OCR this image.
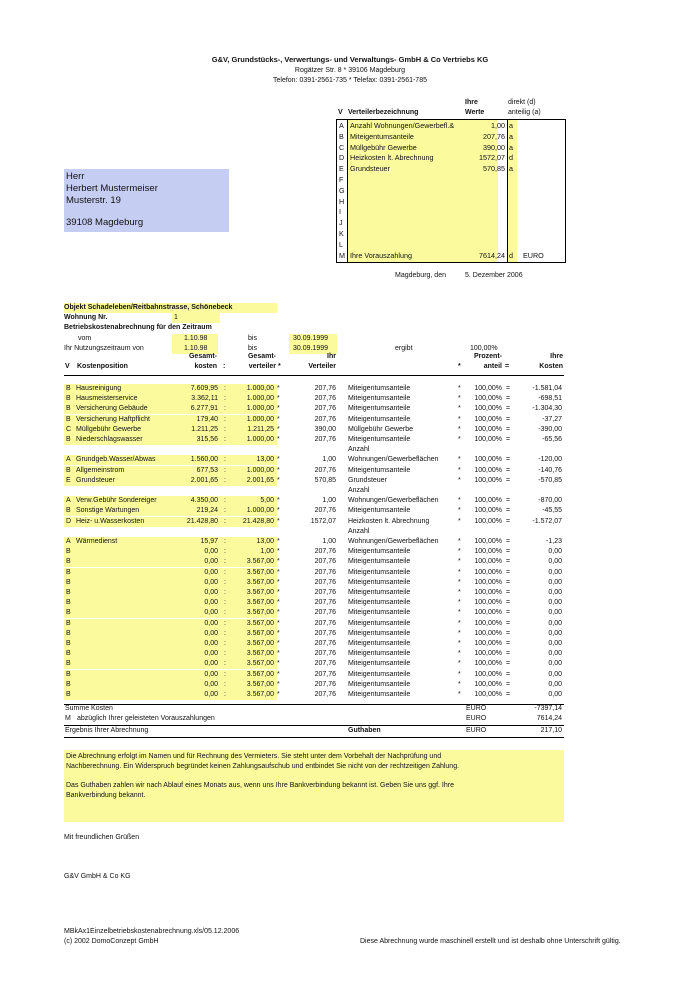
G&V, Grundstücks-, Verwertungs- und Verwaltungs- GmbH & Co Vertriebs KG
Rogätzer Str. 8 * 39106 Magdeburg
Telefon: 0391-2561-735 * Telefax: 0391-2561-785
V Verteilerbezeichnung
Ihre
Werte
direkt (d)
anteilig (a)
A Anzahl Wohnungen/Gewerbefl.&	1,00 a
B Miteigentumsanteile	207,76 a
C Müllgebühr Gewerbe	390,00 a
D Heizkosten lt. Abrechnung	1572,07 d
E Grundsteuer	570,85 a
F
G
H
I
J
K
L
M Ihre Vorauszahlung	7614,24 d EURO
Herr
Herbert Mustermeiser
Musterstr. 19
39108 Magdeburg
Magdeburg, den	5. Dezember 2006
Objekt Schadeleben/Reitbahnstrasse, Schönebeck
Wohnung Nr.	1
Betriebskostenabrechnung für den Zeitraum
vom	1.10.98	bis	30.09.1999
Ihr Nutzungszeitraum von	1.10.98	bis	30.09.1999	ergibt	100,00%
Gesamt-
kosten :
Gesamt-
verteiler *
Ihr
Verteiler	*
Prozent-
anteil =
Ihre
Kosten
V Kostenposition
B Hausreinigung	7.609,95 :	1.000,00 *	207,76 Miteigentumsanteile	*	100,00% =	-1.581,04
B Hausmeisterservice	3.362,11 :	1.000,00 *	207,76 Miteigentumsanteile	*	100,00% =	-698,51
B Versicherung Gebäude	6.277,91 :	1.000,00 *	207,76 Miteigentumsanteile	*	100,00% =	-1.304,30
B Versicherung Haftpflicht	179,40 :	1.000,00 *	207,76 Miteigentumsanteile	*	100,00% =	-37,27
C Müllgebühr Gewerbe	1.211,25 :	1.211,25 *	390,00 Müllgebühr Gewerbe	*	100,00% =	-390,00
B Niederschlagswasser	315,56 :	1.000,00 *	207,76 Miteigentumsanteile	*	100,00% =	-65,56
Anzahl
A Grundgeb.Wasser/Abwas	1.560,00 :	13,00 *	1,00 Wohnungen/Gewerbeflächen	*	100,00% =	-120,00
B Allgemeinstrom	677,53 :	1.000,00 *	207,76 Miteigentumsanteile	*	100,00% =	-140,76
E Grundsteuer	2.001,65 :	2.001,65 *	570,85 Grundsteuer	*	100,00% =	-570,85
Anzahl
A Verw.Gebühr Sondereiger	4.350,00 :	5,00 *	1,00 Wohnungen/Gewerbeflächen	*	100,00% =	-870,00
B Sonstige Wartungen	219,24 :	1.000,00 *	207,76 Miteigentumsanteile	*	100,00% =	-45,55
D Heiz- u.Wasserkosten	21.428,80 :	21.428,80 *	1572,07 Heizkosten lt. Abrechnung	*	100,00% =	-1.572,07
Anzahl
A Wärmedienst	15,97 :	13,00 *	1,00 Wohnungen/Gewerbeflächen	*	100,00% =	-1,23
B	0,00 :	1,00 *	207,76 Miteigentumsanteile	*	100,00% =	0,00
B	0,00 :	3.567,00 *	207,76 Miteigentumsanteile	*	100,00% =	0,00
B	0,00 :	3.567,00 *	207,76 Miteigentumsanteile	*	100,00% =	0,00
B	0,00 :	3.567,00 *	207,76 Miteigentumsanteile	*	100,00% =	0,00
B	0,00 :	3.567,00 *	207,76 Miteigentumsanteile	*	100,00% =	0,00
B	0,00 :	3.567,00 *	207,76 Miteigentumsanteile	*	100,00% =	0,00
B	0,00 :	3.567,00 *	207,76 Miteigentumsanteile	*	100,00% =	0,00
B	0,00 :	3.567,00 *	207,76 Miteigentumsanteile	*	100,00% =	0,00
B	0,00 :	3.567,00 *	207,76 Miteigentumsanteile	*	100,00% =	0,00
B	0,00 :	3.567,00 *	207,76 Miteigentumsanteile	*	100,00% =	0,00
B	0,00 :	3.567,00 *	207,76 Miteigentumsanteile	*	100,00% =	0,00
B	0,00 :	3.567,00 *	207,76 Miteigentumsanteile	*	100,00% =	0,00
B	0,00 :	3.567,00 *	207,76 Miteigentumsanteile	*	100,00% =	0,00
B	0,00 :	3.567,00 *	207,76 Miteigentumsanteile	*	100,00% =	0,00
B	0,00 :	3.567,00 *	207,76 Miteigentumsanteile	*	100,00% =	0,00
Summe Kosten	EURO	-7397,14
M abzüglich Ihrer geleisteten Vorauszahlungen	EURO	7614,24
Ergebnis Ihrer Abrechnung	Guthaben	EURO	217,10
Die Abrechnung erfolgt im Namen und für Rechnung des Vermieters. Sie steht unter dem Vorbehalt der Nachprüfung und
Nachberechnung. Ein Widerspruch begründet keinen Zahlungsaufschub und entbindet Sie nicht von der rechtzeitigen Zahlung.
Das Guthaben zahlen wir nach Ablauf eines Monats aus, wenn uns Ihre Bankverbindung bekannt ist. Geben Sie uns ggf. Ihre
Bankverbindung bekannt.
Mit freundlichen Grüßen
G&V GmbH & Co KG
MBkAx1Einzelbetriebskostenabrechnung.xls/05.12.2006
(c) 2002 DomoConzept GmbH	Diese Abrechnung wurde maschinell erstellt und ist deshalb ohne Unterschrift gültig.
